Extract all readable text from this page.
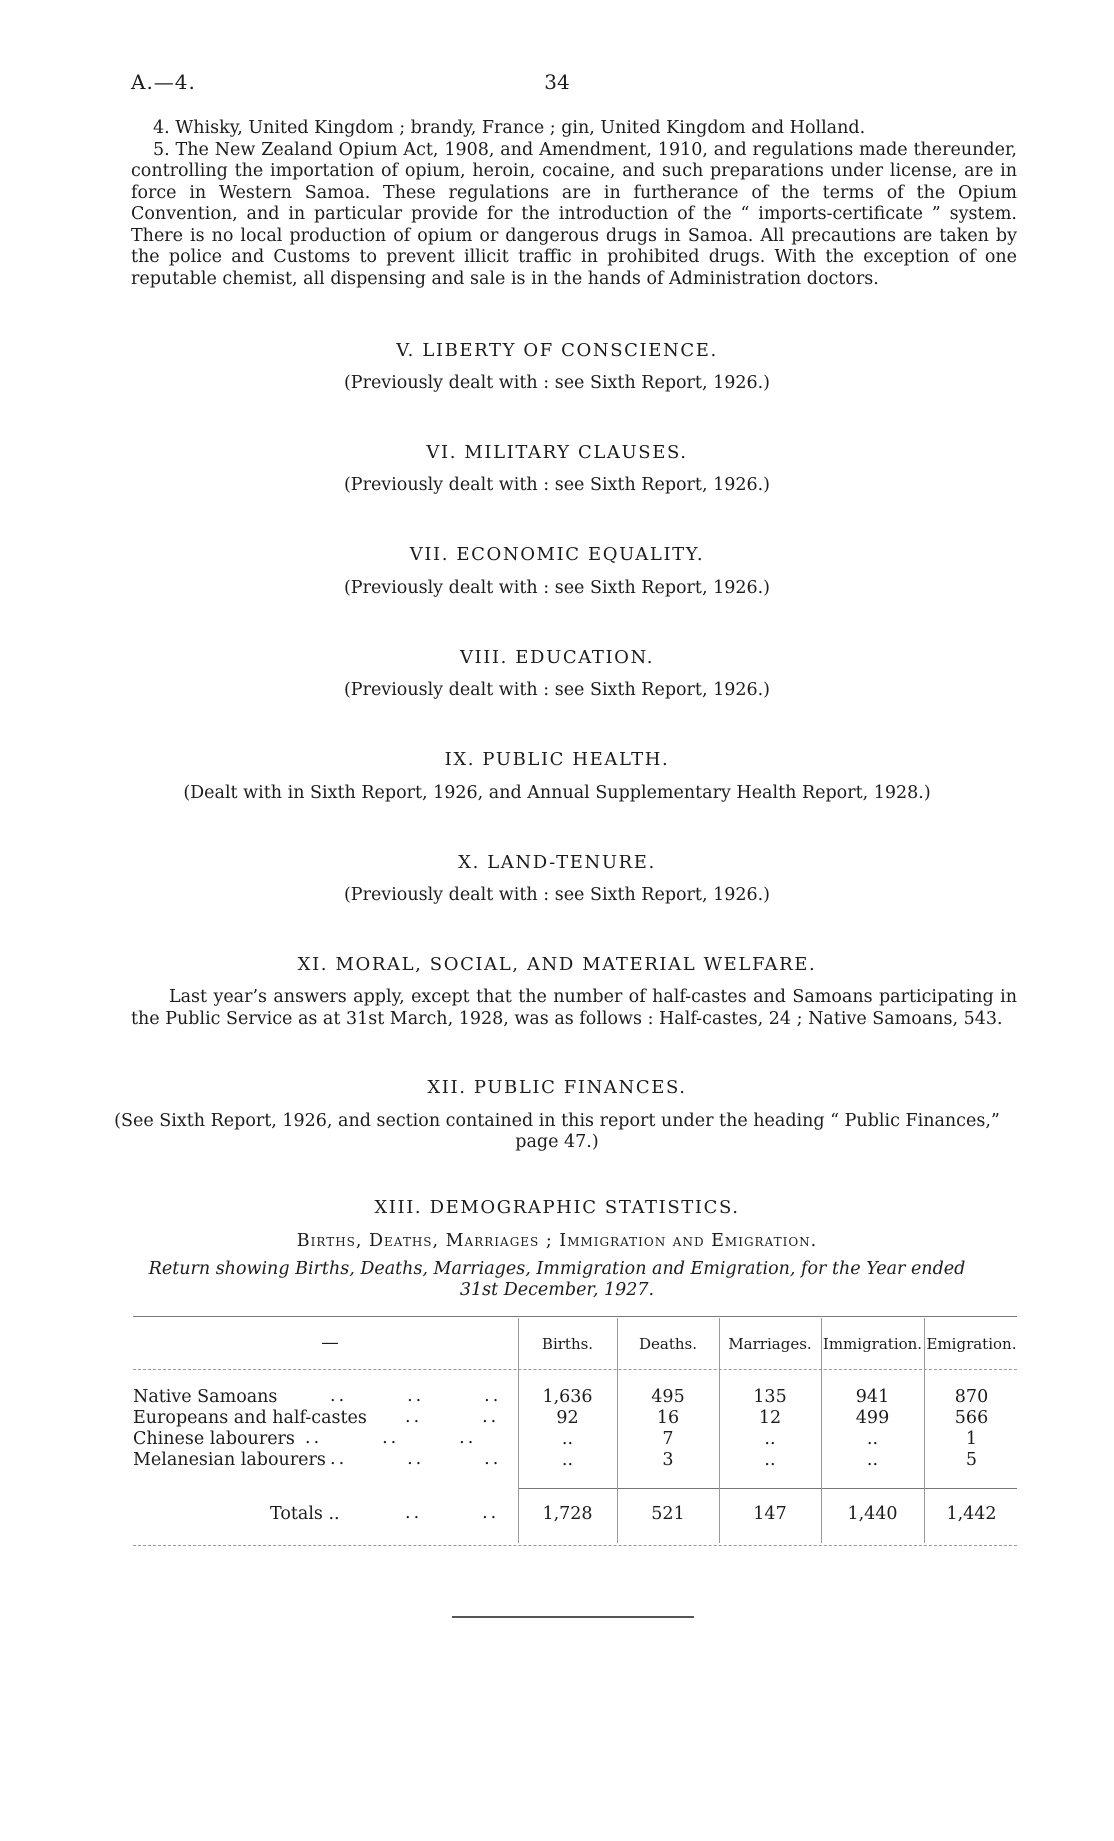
A.—4.	34

4. Whisky, United Kingdom ; brandy, France ; gin, United Kingdom and Holland.

5. The New Zealand Opium Act, 1908, and Amendment, 1910, and regulations made thereunder, controlling the importation of opium, heroin, cocaine, and such preparations under license, are in force in Western Samoa. These regulations are in furtherance of the terms of the Opium Convention, and in particular provide for the introduction of the “ imports-certificate ” system. There is no local production of opium or dangerous drugs in Samoa. All precautions are taken by the police and Customs to prevent illicit traffic in prohibited drugs. With the exception of one reputable chemist, all dispensing and sale is in the hands of Administration doctors.

V. LIBERTY OF CONSCIENCE.
(Previously dealt with : see Sixth Report, 1926.)
VI. MILITARY CLAUSES.
(Previously dealt with : see Sixth Report, 1926.)
VII. ECONOMIC EQUALITY.
(Previously dealt with : see Sixth Report, 1926.)
VIII. EDUCATION.
(Previously dealt with : see Sixth Report, 1926.)
IX. PUBLIC HEALTH.
(Dealt with in Sixth Report, 1926, and Annual Supplementary Health Report, 1928.)
X. LAND-TENURE.
(Previously dealt with : see Sixth Report, 1926.)
XI. MORAL, SOCIAL, AND MATERIAL WELFARE.
Last year’s answers apply, except that the number of half-castes and Samoans participating in the Public Service as at 31st March, 1928, was as follows : Half-castes, 24 ; Native Samoans, 543.
XII. PUBLIC FINANCES.
(See Sixth Report, 1926, and section contained in this report under the heading “ Public Finances,”
page 47.)
XIII. DEMOGRAPHIC STATISTICS.
Births, Deaths, Marriages ; Immigration and Emigration.
Return showing Births, Deaths, Marriages, Immigration and Emigration, for the Year ended
31st December, 1927.
—	Births.	Deaths.	Marriages. Immigration. Emigration.
Native Samoans	..       ..       ..	1,636	495	135	941	870
Europeans and half-castes ..       ..	92	16	12	499	566
Chinese labourers ..       ..       ..	..	7	..	..	1
Melanesian labourers ..       ..       ..	..	3	..	..	5
Totals ..	..       ..	1,728	521	147	1,440	1,442
